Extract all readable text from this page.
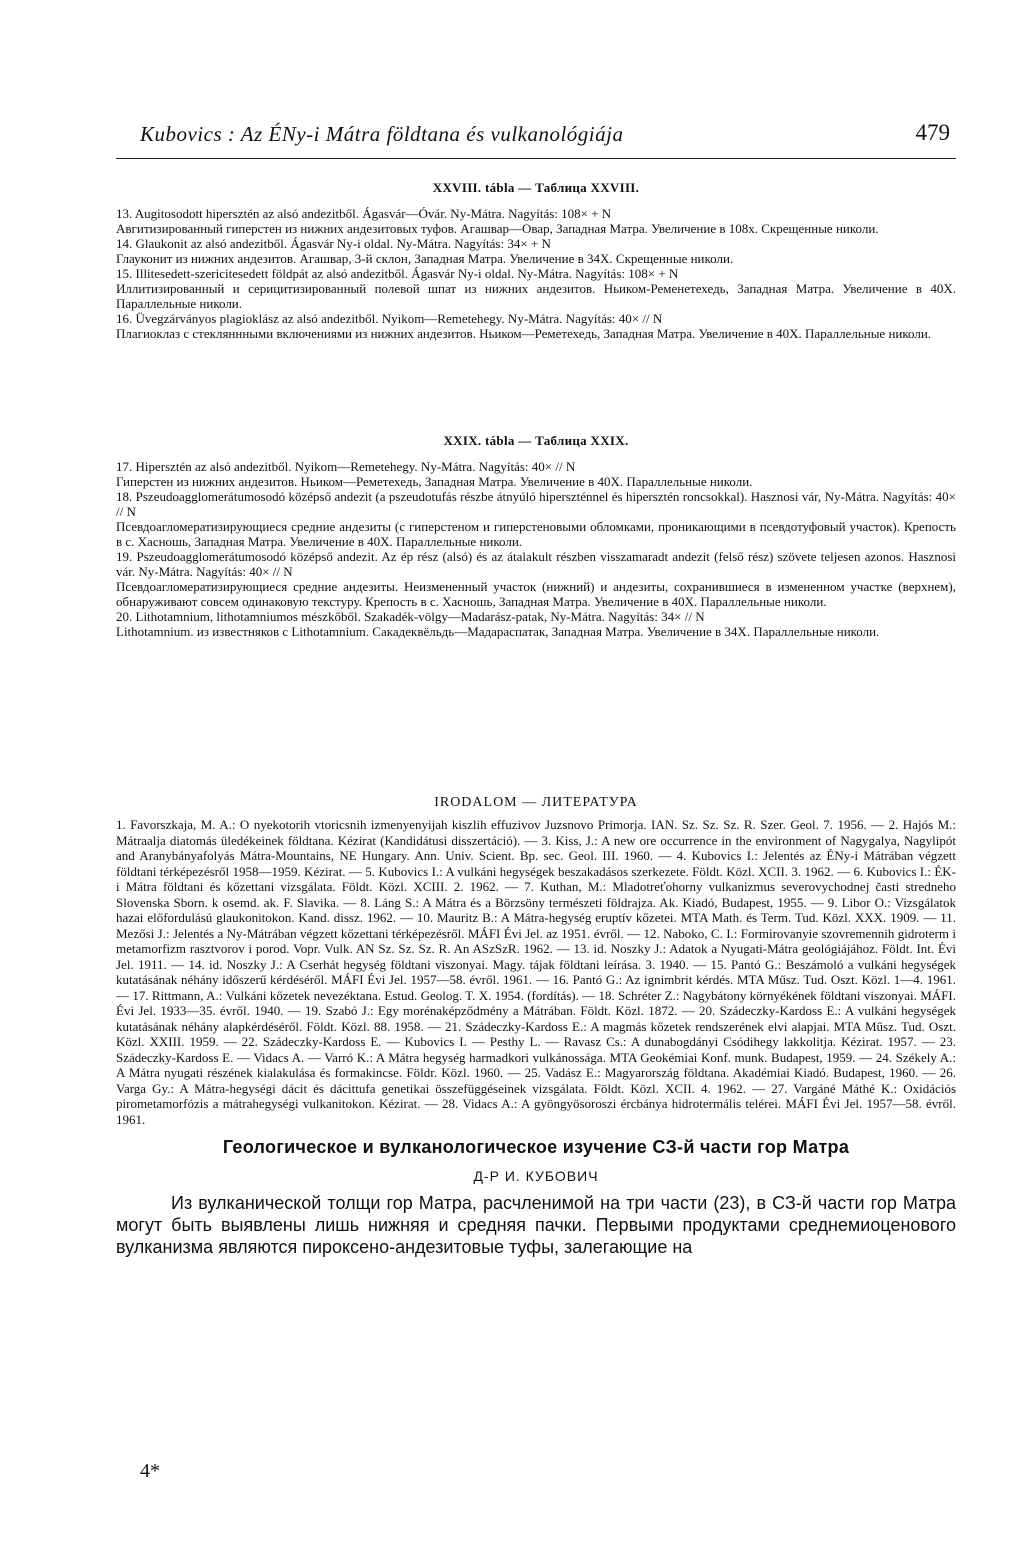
Kubovics : Az ÉNy-i Mátra földtana és vulkanológiája	479
XXVIII. tábla — Таблица XXVIII.

13. Augitosodott hipersztén az alsó andezitből. Ágasvár—Óvár. Ny-Mátra. Nagyítás: 108× + N

Авгитизированный гиперстен из нижних андезитовых туфов. Агашвар—Овар, Западная Матра. Увеличение в 108x. Скрещенные николи.

14. Glaukonit az alsó andezitből. Ágasvár Ny-i oldal. Ny-Mátra. Nagyítás: 34× + N

Глауконит из нижних андезитов. Агашвар, 3-й склон, Западная Матра. Увеличение в 34X. Скрещенные николи.

15. Illitesedett-szericitesedett földpát az alsó andezitből. Ágasvár Ny-i oldal. Ny-Mátra. Nagyítás: 108× + N

Иллитизированный и серицитизированный полевой шпат из нижних андезитов. Ньиком-Ременетехедь, Западная Матра. Увеличение в 40X. Параллельные николи.

16. Üvegzárványos plagioklász az alsó andezitből. Nyikom—Remetehegy. Ny-Mátra. Nagyítás: 40× // N

Плагиоклаз с стекляннными включениями из нижних андезитов. Ньиком—Реметехедь, Западная Матра. Увеличение в 40X. Параллельные николи.

XXIX. tábla — Таблица XXIX.

17. Hipersztén az alsó andezitből. Nyikom—Remetehegy. Ny-Mátra. Nagyítás: 40× // N

Гиперстен из нижних андезитов. Ньиком—Реметехедь, Западная Матра. Увеличение в 40X. Параллельные николи.

18. Pszeudoagglomerátumosodó középső andezit (a pszeudotufás részbe átnyúló hiperszténnel és hipersztén roncsokkal). Hasznosi vár, Ny-Mátra. Nagyítás: 40× // N

Псевдоагломератизирующиеся средние андезиты (с гиперстеном и гиперстеновыми обломками, проникающими в псевдотуфовый участок). Крепость в с. Хасношь, Западная Матра. Увеличение в 40X. Параллельные николи.

19. Pszeudoagglomerátumosodó középső andezit. Az ép rész (alsó) és az átalakult részben visszamaradt andezit (felső rész) szövete teljesen azonos. Hasznosi vár. Ny-Mátra. Nagyítás: 40× // N

Псевдоагломератизирующиеся средние андезиты. Неизмененный участок (нижний) и андезиты, сохранившиеся в измененном участке (верхнем), обнаруживают совсем одинаковую текстуру. Крепость в с. Хасношь, Западная Матра. Увеличение в 40X. Параллельные николи.

20. Lithotamnium, lithotamniumos mészkőből. Szakadék-völgy—Madarász-patak, Ny-Mátra. Nagyítás: 34× // N

Lithotamnium. из известняков с Lithotamnium. Сакадеквёльдь—Мадараспатак, Западная Матра. Увеличение в 34X. Параллельные николи.

IRODALOM — ЛИТЕРАТУРА

1. Favorszkaja, M. A.: O nyekotorih vtoricsnih izmenyenyijah kiszlih effuzivov Juzsnovo Primorja. IAN. Sz. Sz. Sz. R. Szer. Geol. 7. 1956. — 2. Hajós M.: Mátraalja diatomás üledékeinek földtana. Kézirat (Kandidátusi disszertáció). — 3. Kiss, J.: A new ore occurrence in the environment of Nagygalya, Nagylipót and Aranybányafolyás Mátra-Mountains, NE Hungary. Ann. Univ. Scient. Bp. sec. Geol. III. 1960. — 4. Kubovics I.: Jelentés az ÉNy-i Mátrában végzett földtani térképezésről 1958—1959. Kézirat. — 5. Kubovics I.: A vulkáni hegységek beszakadásos szerkezete. Földt. Közl. XCII. 3. 1962. — 6. Kubovics I.: ÉK-i Mátra földtani és kőzettani vizsgálata. Földt. Közl. XCIII. 2. 1962. — 7. Kuthan, M.: Mladotreťohorny vulkanizmus severovychodnej časti stredneho Slovenska Sborn. k osemd. ak. F. Slavika. — 8. Láng S.: A Mátra és a Börzsöny természeti földrajza. Ak. Kiadó, Budapest, 1955. — 9. Libor O.: Vizsgálatok hazai előfordulású glaukonitokon. Kand. dissz. 1962. — 10. Mauritz B.: A Mátra-hegység eruptív kőzetei. MTA Math. és Term. Tud. Közl. XXX. 1909. — 11. Mezősi J.: Jelentés a Ny-Mátrában végzett kőzettani térképezésről. MÁFI Évi Jel. az 1951. évről. — 12. Naboko, C. I.: Formirovanyie szovremennih gidroterm i metamorfizm rasztvorov i porod. Vopr. Vulk. AN Sz. Sz. Sz. R. An ASzSzR. 1962. — 13. id. Noszky J.: Adatok a Nyugati-Mátra geológiájához. Földt. Int. Évi Jel. 1911. — 14. id. Noszky J.: A Cserhát hegység földtani viszonyai. Magy. tájak földtani leírása. 3. 1940. — 15. Pantó G.: Beszámoló a vulkáni hegységek kutatásának néhány időszerű kérdéséről. MÁFI Évi Jel. 1957—58. évről. 1961. — 16. Pantó G.: Az ignimbrit kérdés. MTA Műsz. Tud. Oszt. Közl. 1—4. 1961. — 17. Rittmann, A.: Vulkáni kőzetek nevezéktana. Estud. Geolog. T. X. 1954. (fordítás). — 18. Schréter Z.: Nagybátony környékének földtani viszonyai. MÁFI. Évi Jel. 1933—35. évről. 1940. — 19. Szabó J.: Egy morénaképződmény a Mátrában. Földt. Közl. 1872. — 20. Szádeczky-Kardoss E.: A vulkáni hegységek kutatásának néhány alapkérdéséről. Földt. Közl. 88. 1958. — 21. Szádeczky-Kardoss E.: A magmás kőzetek rendszerének elvi alapjai. MTA Műsz. Tud. Oszt. Közl. XXIII. 1959. — 22. Szádeczky-Kardoss E. — Kubovics I. — Pesthy L. — Ravasz Cs.: A dunabogdányi Csódihegy lakkolitja. Kézirat. 1957. — 23. Szádeczky-Kardoss E. — Vidacs A. — Varró K.: A Mátra hegység harmadkori vulkánossága. MTA Geokémiai Konf. munk. Budapest, 1959. — 24. Székely A.: A Mátra nyugati részének kialakulása és formakincse. Földr. Közl. 1960. — 25. Vadász E.: Magyarország földtana. Akadémiai Kiadó. Budapest, 1960. — 26. Varga Gy.: A Mátra-hegységi dácit és dácittufa genetikai összefüggéseinek vizsgálata. Földt. Közl. XCII. 4. 1962. — 27. Vargáné Máthé K.: Oxidációs pirometamorfózis a mátrahegységi vulkanitokon. Kézirat. — 28. Vidacs A.: A gyöngyösoroszi ércbánya hidrotermális telérei. MÁFI Évi Jel. 1957—58. évről. 1961.

Геологическое и вулканологическое изучение СЗ-й части гор Матра
Д-Р И. КУБОВИЧ

Из вулканической толщи гор Матра, расчленимой на три части (23), в СЗ-й части гор Матра могут быть выявлены лишь нижняя и средняя пачки. Первыми продуктами среднемиоценового вулканизма являются пироксено-андезитовые туфы, залегающие на

4*
